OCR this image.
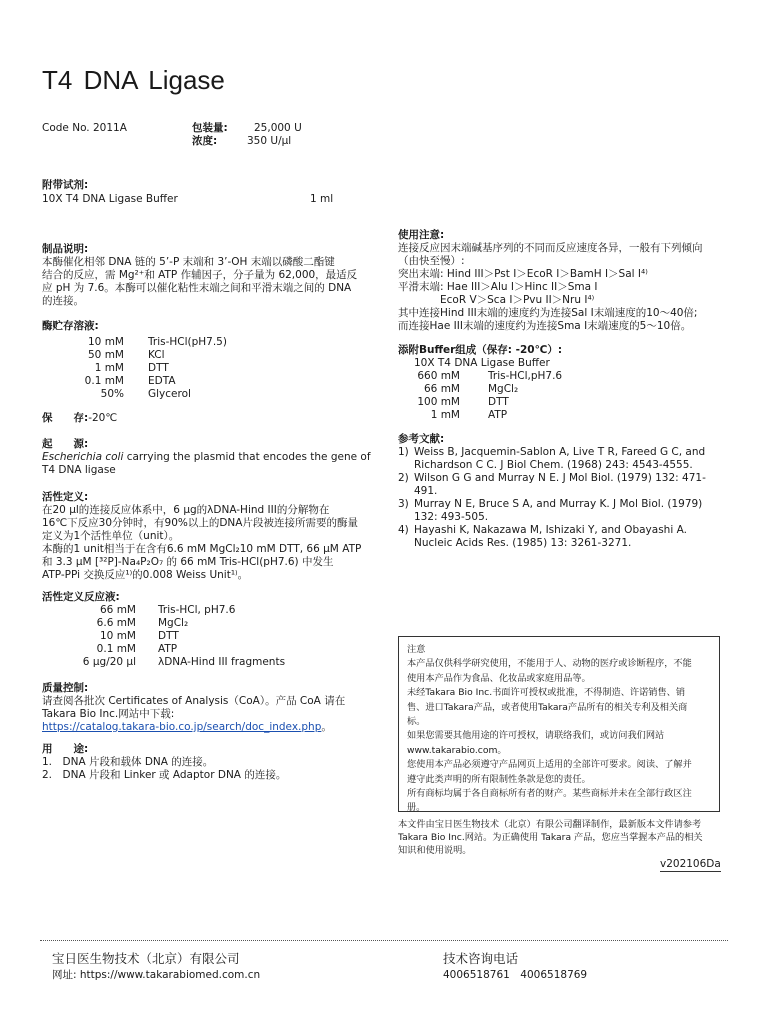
T4 DNA Ligase
Code No. 2011A	包装量:	25,000 U
浓度:	350 U/μl
附带试剂:
10X T4 DNA Ligase Buffer	1 ml
制品说明:
本酶催化相邻 DNA 链的 5’-P 末端和 3’-OH 末端以磷酸二酯键
结合的反应，需 Mg²⁺和 ATP 作辅因子，分子量为 62,000，最适反
应 pH 为 7.6。本酶可以催化粘性末端之间和平滑末端之间的 DNA
的连接。
酶贮存溶液:
10 mM	Tris-HCl(pH7.5)
50 mM	KCl
1 mM	DTT
0.1 mM	EDTA
50%	Glycerol
保　　存:-20℃
起　　源:
Escherichia coli carrying the plasmid that encodes the gene of
T4 DNA ligase
活性定义:
在20 μl的连接反应体系中，6 μg的λDNA-Hind III的分解物在
16℃下反应30分钟时，有90%以上的DNA片段被连接所需要的酶量
定义为1个活性单位（unit）。
本酶的1 unit相当于在含有6.6 mM MgCl₂10 mM DTT, 66 μM ATP
和 3.3 μM [³²P]-Na₄P₂O₇ 的 66 mM Tris-HCl(pH7.6) 中发生
ATP-PPi 交换反应¹⁾的0.008 Weiss Unit¹⁾。
活性定义反应液:
66 mM	Tris-HCl, pH7.6
6.6 mM	MgCl₂
10 mM	DTT
0.1 mM	ATP
6 μg/20 μl	λDNA-Hind III fragments
质量控制:
请查阅各批次 Certificates of Analysis（CoA）。产品 CoA 请在
Takara Bio Inc.网站中下载:
https://catalog.takara-bio.co.jp/search/doc_index.php。
用　　途:
1.　DNA 片段和载体 DNA 的连接。
2.　DNA 片段和 Linker 或 Adaptor DNA 的连接。
使用注意:
连接反应因末端碱基序列的不同而反应速度各异，一般有下列倾向
（由快至慢）:
突出末端: Hind III＞Pst I＞EcoR I＞BamH I＞Sal I⁴⁾
平滑末端: Hae III＞Alu I＞Hinc II＞Sma I
　　　　EcoR V＞Sca I＞Pvu II＞Nru I⁴⁾
其中连接Hind III末端的速度约为连接Sal I末端速度的10～40倍;
而连接Hae III末端的速度约为连接Sma I末端速度的5～10倍。
添附Buffer组成（保存: -20℃）:
10X T4 DNA Ligase Buffer
660 mM	Tris-HCl,pH7.6
66 mM	MgCl₂
100 mM	DTT
1 mM	ATP
参考文献:
1) Weiss B, Jacquemin-Sablon A, Live T R, Fareed G C, and
Richardson C C. J Biol Chem. (1968) 243: 4543-4555.
2) Wilson G G and Murray N E. J Mol Biol. (1979) 132: 471-491.
3) Murray N E, Bruce S A, and Murray K. J Mol Biol. (1979)
132: 493-505.
4) Hayashi K, Nakazawa M, Ishizaki Y, and Obayashi A.
Nucleic Acids Res. (1985) 13: 3261-3271.
注意
本产品仅供科学研究使用，不能用于人、动物的医疗或诊断程序，不能
使用本产品作为食品、化妆品或家庭用品等。
未经Takara Bio Inc.书面许可授权或批准，不得制造、许诺销售、销
售、进口Takara产品，或者使用Takara产品所有的相关专利及相关商
标。
如果您需要其他用途的许可授权，请联络我们，或访问我们网站
www.takarabio.com。
您使用本产品必须遵守产品网页上适用的全部许可要求。阅读、了解并
遵守此类声明的所有限制性条款是您的责任。
所有商标均属于各自商标所有者的财产。某些商标并未在全部行政区注
册。
本文件由宝日医生物技术（北京）有限公司翻译制作，最新版本文件请参考
Takara Bio Inc.网站。为正确使用 Takara 产品，您应当掌握本产品的相关
知识和使用说明。
v202106Da
宝日医生物技术（北京）有限公司
网址: https://www.takarabiomed.com.cn
技术咨询电话
4006518761　4006518769
